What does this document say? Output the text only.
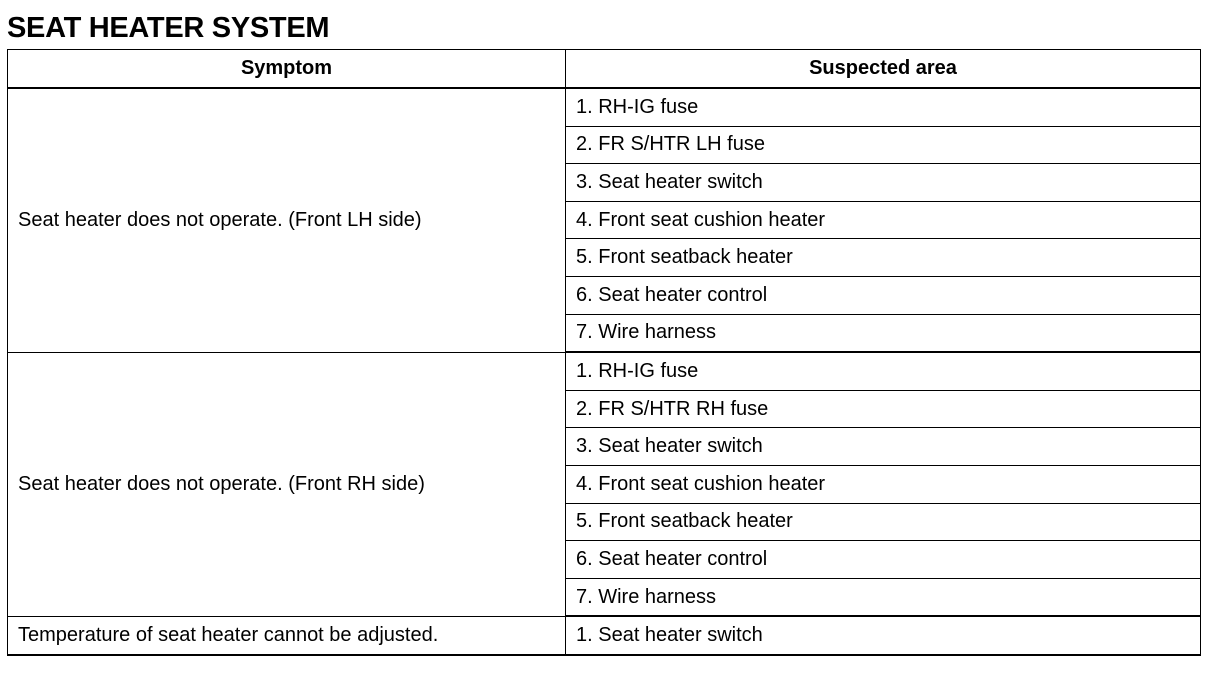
SEAT HEATER SYSTEM
Symptom	Suspected area
Seat heater does not operate. (Front LH side)	1. RH-IG fuse
	2. FR S/HTR LH fuse
	3. Seat heater switch
	4. Front seat cushion heater
	5. Front seatback heater
	6. Seat heater control
	7. Wire harness
Seat heater does not operate. (Front RH side)	1. RH-IG fuse
	2. FR S/HTR RH fuse
	3. Seat heater switch
	4. Front seat cushion heater
	5. Front seatback heater
	6. Seat heater control
	7. Wire harness
Temperature of seat heater cannot be adjusted.	1. Seat heater switch
